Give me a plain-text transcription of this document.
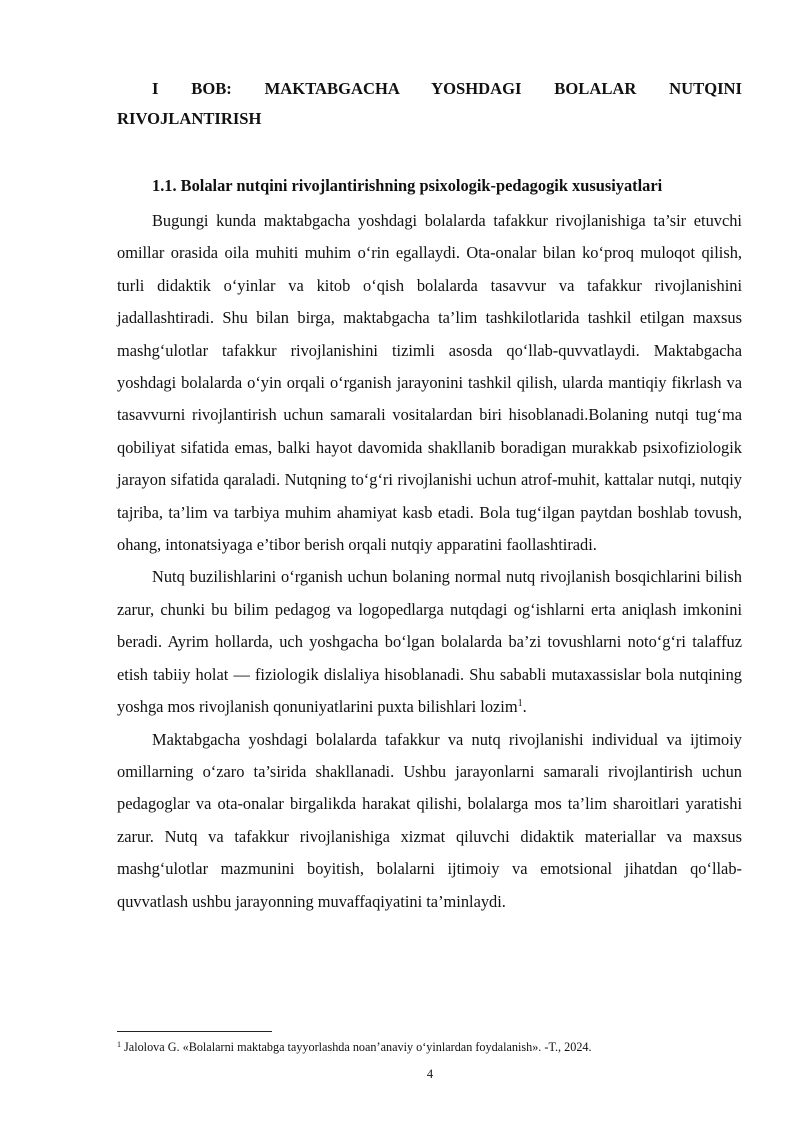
I BOB: MAKTABGACHA YOSHDAGI BOLALAR NUTQINI
RIVOJLANTIRISH
1.1. Bolalar nutqini rivojlantirishning psixologik-pedagogik xususiyatlari

Bugungi kunda maktabgacha yoshdagi bolalarda tafakkur rivojlanishiga ta’sir etuvchi omillar orasida oila muhiti muhim o‘rin egallaydi. Ota-onalar bilan ko‘proq muloqot qilish, turli didaktik o‘yinlar va kitob o‘qish bolalarda tasavvur va tafakkur rivojlanishini jadallashtiradi. Shu bilan birga, maktabgacha ta’lim tashkilotlarida tashkil etilgan maxsus mashg‘ulotlar tafakkur rivojlanishini tizimli asosda qo‘llab-quvvatlaydi. Maktabgacha yoshdagi bolalarda o‘yin orqali o‘rganish jarayonini tashkil qilish, ularda mantiqiy fikrlash va tasavvurni rivojlantirish uchun samarali vositalardan biri hisoblanadi.Bolaning nutqi tug‘ma qobiliyat sifatida emas, balki hayot davomida shakllanib boradigan murakkab psixofiziologik jarayon sifatida qaraladi. Nutqning to‘g‘ri rivojlanishi uchun atrof-muhit, kattalar nutqi, nutqiy tajriba, ta’lim va tarbiya muhim ahamiyat kasb etadi. Bola tug‘ilgan paytdan boshlab tovush, ohang, intonatsiyaga e’tibor berish orqali nutqiy apparatini faollashtiradi.

Nutq buzilishlarini o‘rganish uchun bolaning normal nutq rivojlanish bosqichlarini bilish zarur, chunki bu bilim pedagog va logopedlarga nutqdagi og‘ishlarni erta aniqlash imkonini beradi. Ayrim hollarda, uch yoshgacha bo‘lgan bolalarda ba’zi tovushlarni noto‘g‘ri talaffuz etish tabiiy holat — fiziologik dislaliya hisoblanadi. Shu sababli mutaxassislar bola nutqining yoshga mos rivojlanish qonuniyatlarini puxta bilishlari lozim$^1$.

Maktabgacha yoshdagi bolalarda tafakkur va nutq rivojlanishi individual va ijtimoiy omillarning o‘zaro ta’sirida shakllanadi. Ushbu jarayonlarni samarali rivojlantirish uchun pedagoglar va ota-onalar birgalikda harakat qilishi, bolalarga mos ta’lim sharoitlari yaratishi zarur. Nutq va tafakkur rivojlanishiga xizmat qiluvchi didaktik materiallar va maxsus mashg‘ulotlar mazmunini boyitish, bolalarni ijtimoiy va emotsional jihatdan qo‘llab-quvvatlash ushbu jarayonning muvaffaqiyatini ta’minlaydi.

$^1$ Jalolova G. «Bolalarni maktabga tayyorlashda noan’anaviy o‘yinlardan foydalanish». -T., 2024.

4
